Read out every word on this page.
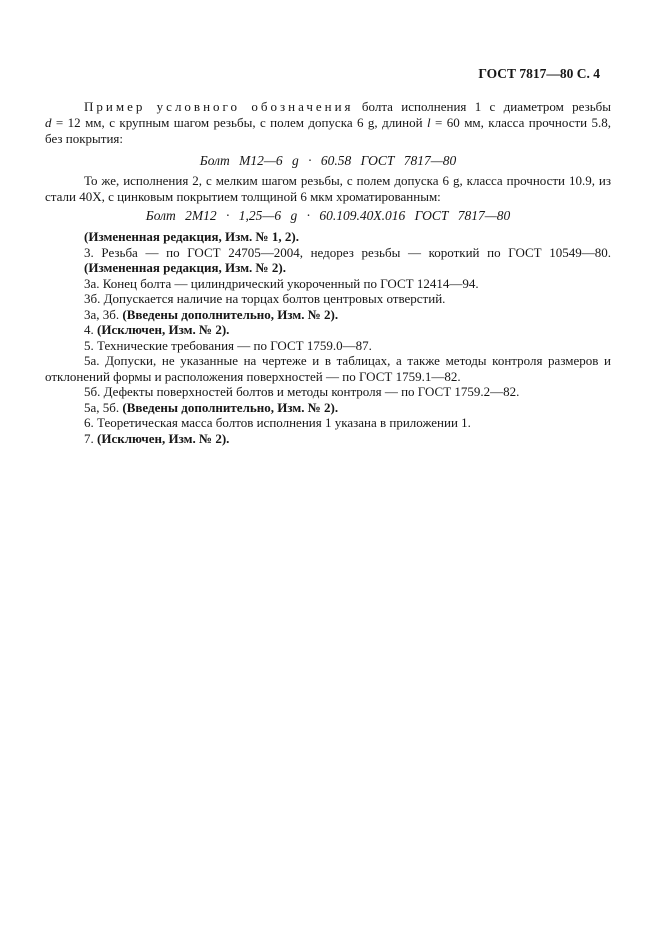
ГОСТ 7817—80 С. 4

Пример условного обозначения болта исполнения 1 с диаметром резьбы
d = 12 мм, с крупным шагом резьбы, с полем допуска 6 g, длиной l = 60 мм, класса прочности 5.8,
без покрытия:

Болт М12—6 g · 60.58 ГОСТ 7817—80

То же, исполнения 2, с мелким шагом резьбы, с полем допуска 6 g, класса прочности 10.9, из
стали 40Х, с цинковым покрытием толщиной 6 мкм хроматированным:

Болт 2М12 · 1,25—6 g · 60.109.40X.016 ГОСТ 7817—80

(Измененная редакция, Изм. № 1, 2).

3. Резьба — по ГОСТ 24705—2004, недорез резьбы — короткий по ГОСТ 10549—80.

(Измененная редакция, Изм. № 2).

3а. Конец болта — цилиндрический укороченный по ГОСТ 12414—94.

3б. Допускается наличие на торцах болтов центровых отверстий.

3а, 3б. (Введены дополнительно, Изм. № 2).

4. (Исключен, Изм. № 2).

5. Технические требования — по ГОСТ 1759.0—87.

5а. Допуски, не указанные на чертеже и в таблицах, а также методы контроля размеров и
отклонений формы и расположения поверхностей — по ГОСТ 1759.1—82.

5б. Дефекты поверхностей болтов и методы контроля — по ГОСТ 1759.2—82.

5а, 5б. (Введены дополнительно, Изм. № 2).

6. Теоретическая масса болтов исполнения 1 указана в приложении 1.

7. (Исключен, Изм. № 2).
